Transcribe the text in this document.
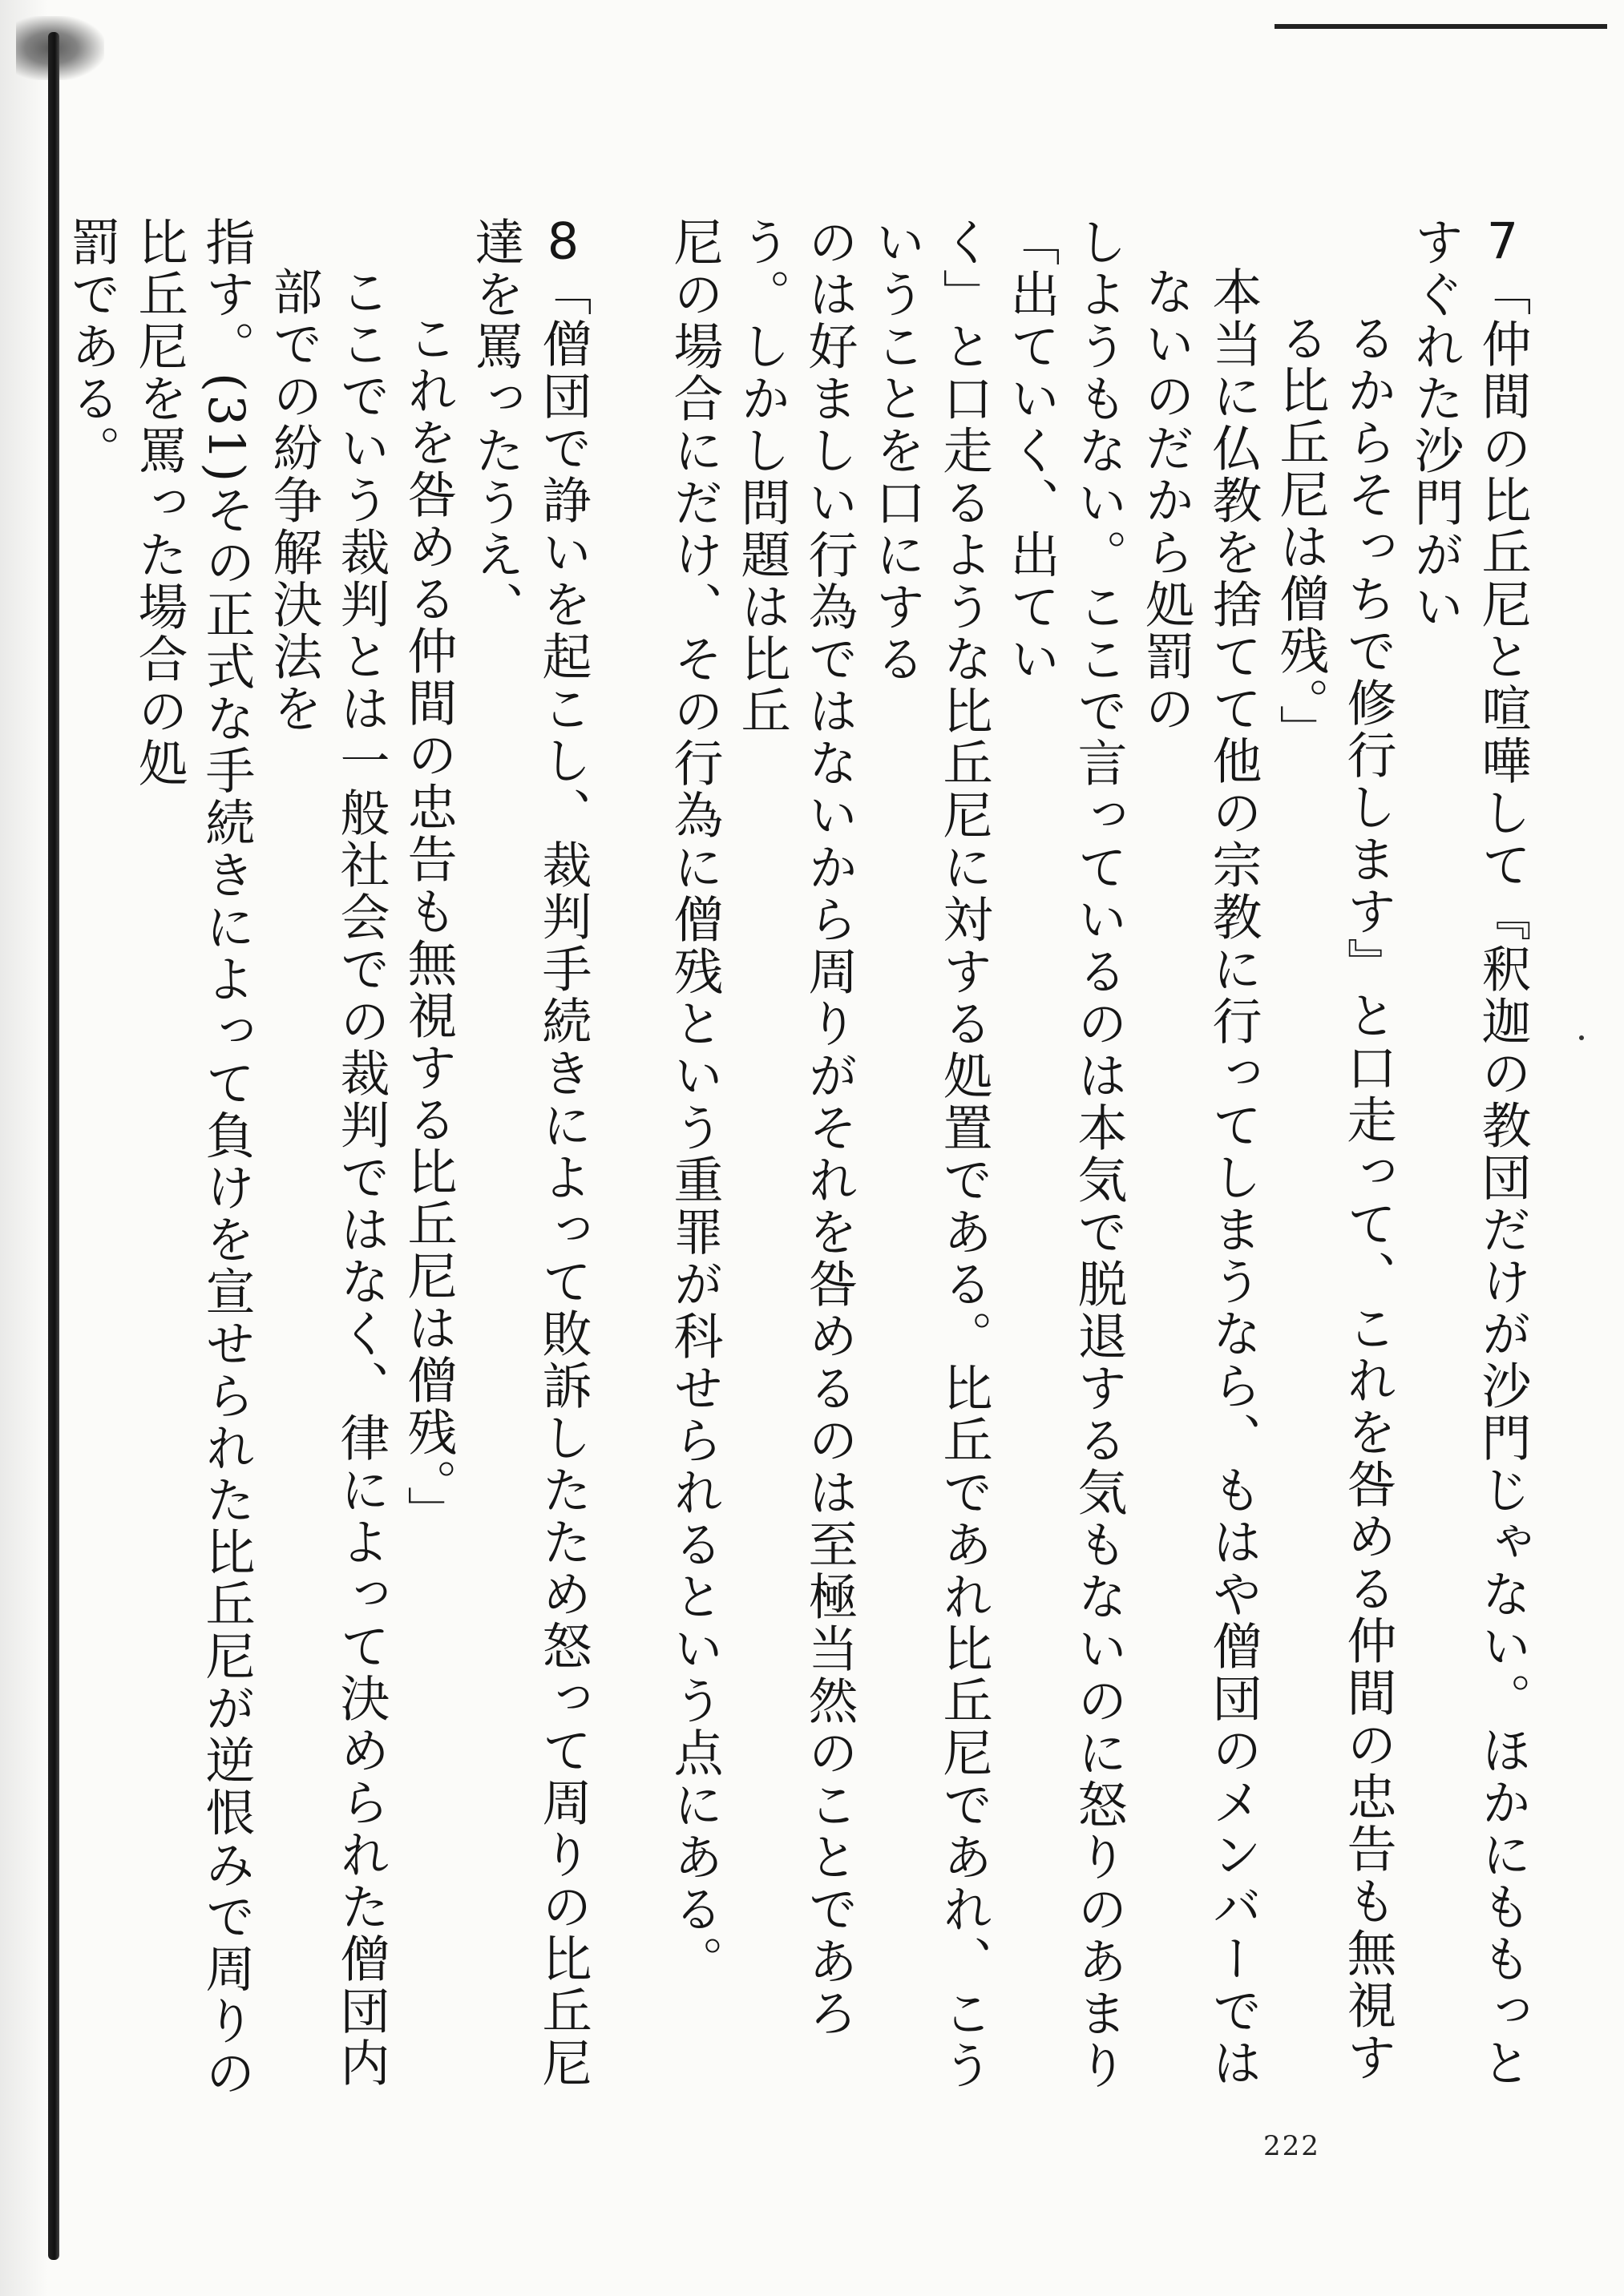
7「仲間の比丘尼と喧嘩して『釈迦の教団だけが沙門じゃない。ほかにももっとすぐれた沙門がい

るからそっちで修行します』と口走って、これを咎める仲間の忠告も無視する比丘尼は僧残。」

本当に仏教を捨てて他の宗教に行ってしまうなら、もはや僧団のメンバーではないのだから処罰の

しようもない。ここで言っているのは本気で脱退する気もないのに怒りのあまり「出ていく、出てい

く」と口走るような比丘尼に対する処置である。比丘であれ比丘尼であれ、こういうことを口にする

のは好ましい行為ではないから周りがそれを咎めるのは至極当然のことであろう。しかし問題は比丘

尼の場合にだけ、その行為に僧残という重罪が科せられるという点にある。

8「僧団で諍いを起こし、裁判手続きによって敗訴したため怒って周りの比丘尼達を罵ったうえ、

これを咎める仲間の忠告も無視する比丘尼は僧残。」

ここでいう裁判とは一般社会での裁判ではなく、律によって決められた僧団内部での紛争解決法を

指す。(31)その正式な手続きによって負けを宣せられた比丘尼が逆恨みで周りの比丘尼を罵った場合の処

罰である。

222
